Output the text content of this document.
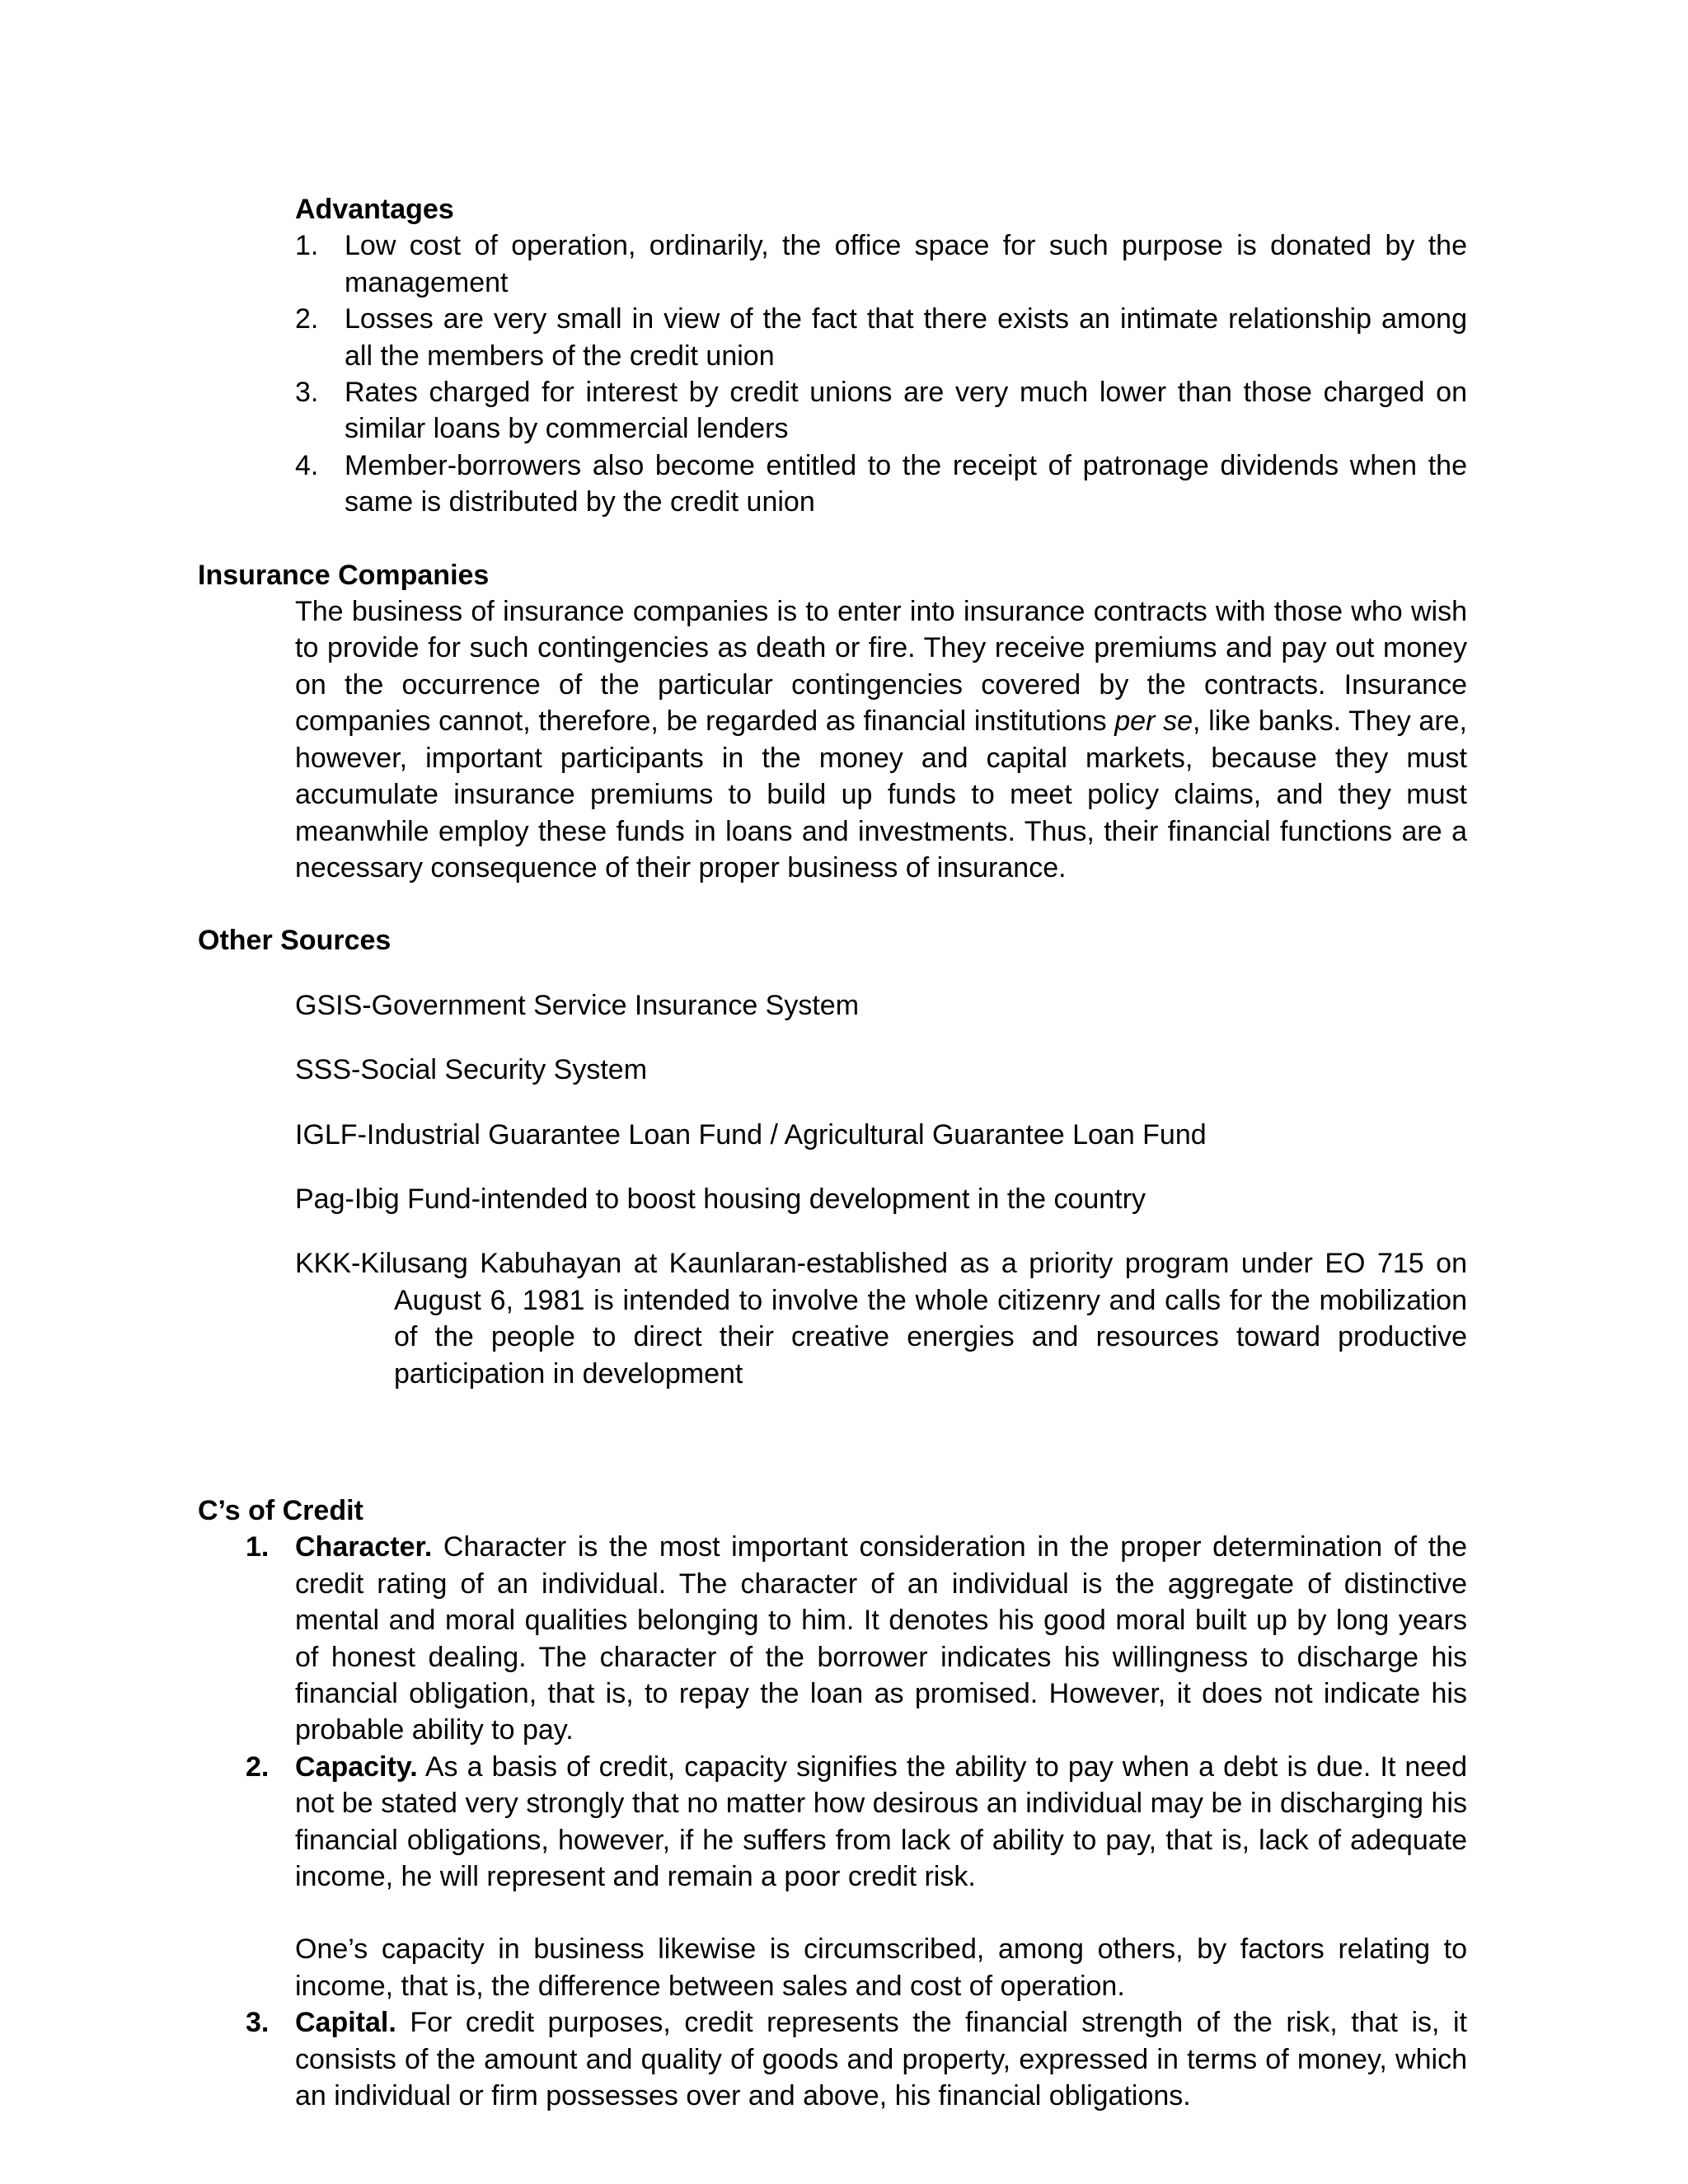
Advantages

1. Low cost of operation, ordinarily, the office space for such purpose is donated by the management
2. Losses are very small in view of the fact that there exists an intimate relationship among all the members of the credit union
3. Rates charged for interest by credit unions are very much lower than those charged on similar loans by commercial lenders
4. Member-borrowers also become entitled to the receipt of patronage dividends when the same is distributed by the credit union

Insurance Companies

The business of insurance companies is to enter into insurance contracts with those who wish to provide for such contingencies as death or fire. They receive premiums and pay out money on the occurrence of the particular contingencies covered by the contracts. Insurance companies cannot, therefore, be regarded as financial institutions per se, like banks. They are, however, important participants in the money and capital markets, because they must accumulate insurance premiums to build up funds to meet policy claims, and they must meanwhile employ these funds in loans and investments. Thus, their financial functions are a necessary consequence of their proper business of insurance.

Other Sources

GSIS-Government Service Insurance System

SSS-Social Security System

IGLF-Industrial Guarantee Loan Fund / Agricultural Guarantee Loan Fund

Pag-Ibig Fund-intended to boost housing development in the country

KKK-Kilusang Kabuhayan at Kaunlaran-established as a priority program under EO 715 on August 6, 1981 is intended to involve the whole citizenry and calls for the mobilization of the people to direct their creative energies and resources toward productive participation in development

C’s of Credit

1. Character. Character is the most important consideration in the proper determination of the credit rating of an individual. The character of an individual is the aggregate of distinctive mental and moral qualities belonging to him. It denotes his good moral built up by long years of honest dealing. The character of the borrower indicates his willingness to discharge his financial obligation, that is, to repay the loan as promised. However, it does not indicate his probable ability to pay.
2. Capacity. As a basis of credit, capacity signifies the ability to pay when a debt is due. It need not be stated very strongly that no matter how desirous an individual may be in discharging his financial obligations, however, if he suffers from lack of ability to pay, that is, lack of adequate income, he will represent and remain a poor credit risk.
One’s capacity in business likewise is circumscribed, among others, by factors relating to income, that is, the difference between sales and cost of operation.
3. Capital. For credit purposes, credit represents the financial strength of the risk, that is, it consists of the amount and quality of goods and property, expressed in terms of money, which an individual or firm possesses over and above, his financial obligations.
